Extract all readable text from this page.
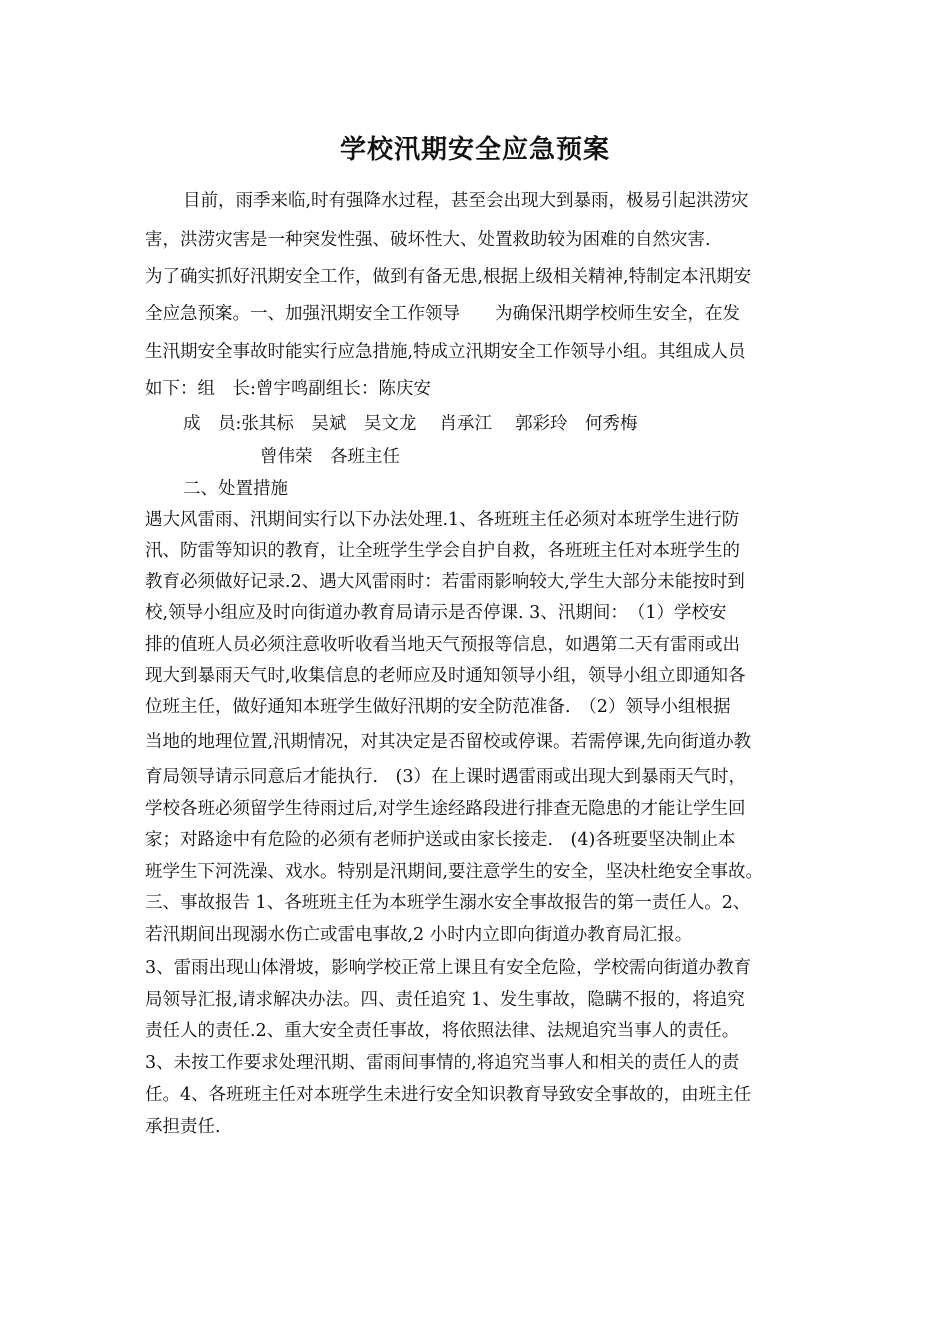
学校汛期安全应急预案
目前，雨季来临,时有强降水过程，甚至会出现大到暴雨，极易引起洪涝灾
害，洪涝灾害是一种突发性强、破坏性大、处置救助较为困难的自然灾害.
为了确实抓好汛期安全工作，做到有备无患,根据上级相关精神,特制定本汛期安
全应急预案。一、加强汛期安全工作领导　　为确保汛期学校师生安全，在发
生汛期安全事故时能实行应急措施,特成立汛期安全工作领导小组。其组成人员
如下：组　长:曾宇鸣副组长：陈庆安
成　员:张其标　吴斌　吴文龙　 肖承江　 郭彩玲　何秀梅
曾伟荣　各班主任
二、处置措施
遇大风雷雨、汛期间实行以下办法处理.1、各班班主任必须对本班学生进行防
汛、防雷等知识的教育，让全班学生学会自护自救，各班班主任对本班学生的
教育必须做好记录.2、遇大风雷雨时：若雷雨影响较大,学生大部分未能按时到
校,领导小组应及时向街道办教育局请示是否停课. 3、汛期间：　（1）学校安
排的值班人员必须注意收听收看当地天气预报等信息，如遇第二天有雷雨或出
现大到暴雨天气时,收集信息的老师应及时通知领导小组，领导小组立即通知各
位班主任，做好通知本班学生做好汛期的安全防范准备.　（2）领导小组根据
当地的地理位置,汛期情况，对其决定是否留校或停课。若需停课,先向街道办教
育局领导请示同意后才能执行.　(3）在上课时遇雷雨或出现大到暴雨天气时，
学校各班必须留学生待雨过后,对学生途经路段进行排查无隐患的才能让学生回
家；对路途中有危险的必须有老师护送或由家长接走.　(4)各班要坚决制止本
班学生下河洗澡、戏水。特别是汛期间,要注意学生的安全，坚决杜绝安全事故。
三、事故报告 1、各班班主任为本班学生溺水安全事故报告的第一责任人。2、
若汛期间出现溺水伤亡或雷电事故,2 小时内立即向街道办教育局汇报。
3、雷雨出现山体滑坡，影响学校正常上课且有安全危险，学校需向街道办教育
局领导汇报,请求解决办法。四、责任追究 1、发生事故，隐瞒不报的，将追究
责任人的责任.2、重大安全责任事故，将依照法律、法规追究当事人的责任。
3、未按工作要求处理汛期、雷雨间事情的,将追究当事人和相关的责任人的责
任。4、各班班主任对本班学生未进行安全知识教育导致安全事故的，由班主任
承担责任.
